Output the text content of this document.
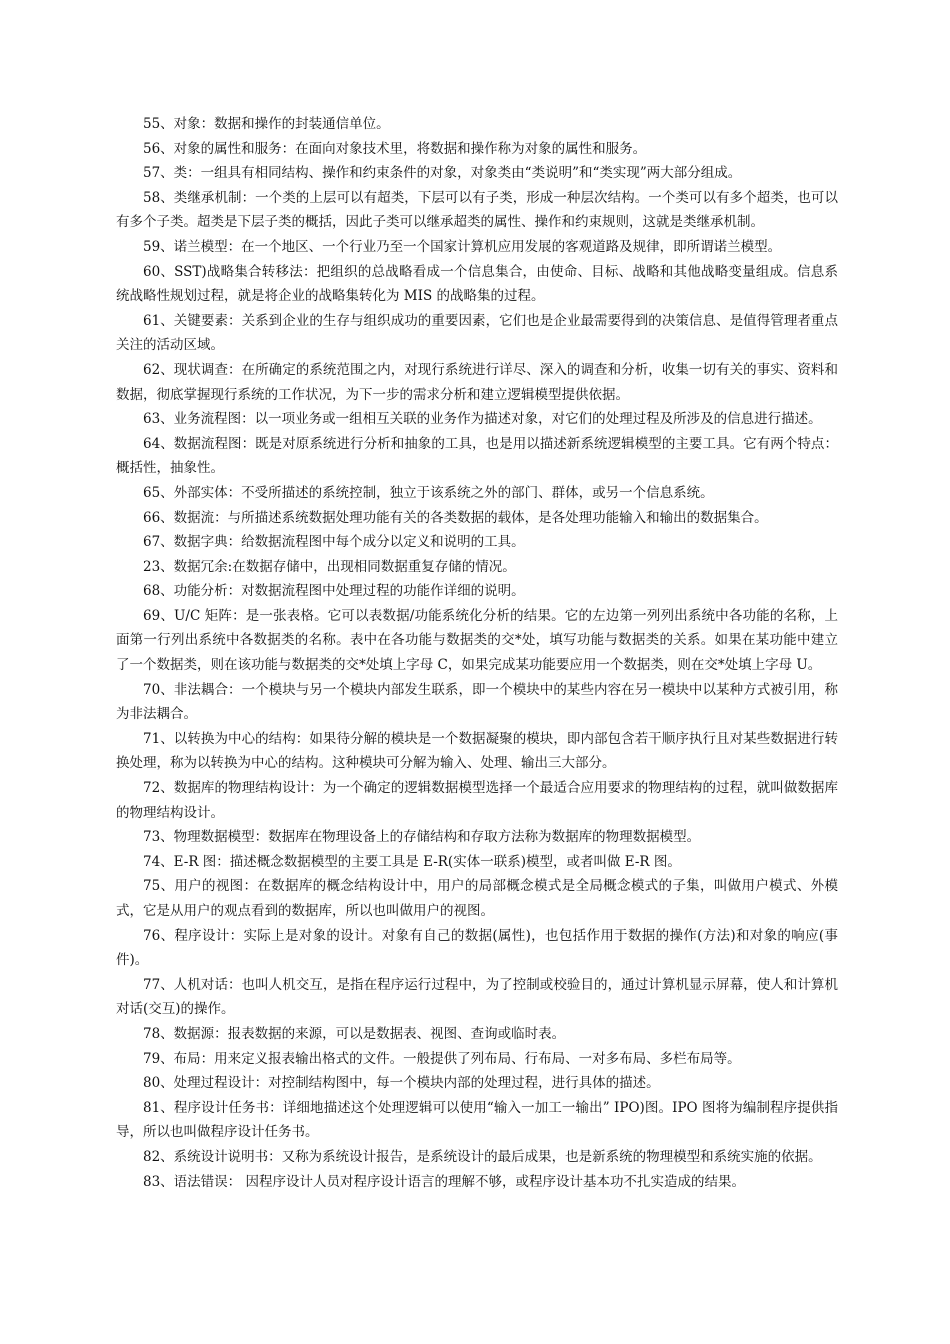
55、对象：数据和操作的封装通信单位。

56、对象的属性和服务：在面向对象技术里，将数据和操作称为对象的属性和服务。

57、类：一组具有相同结构、操作和约束条件的对象，对象类由“类说明”和“类实现”两大部分组成。

58、类继承机制：一个类的上层可以有超类，下层可以有子类，形成一种层次结构。一个类可以有多个超类，也可以有多个子类。超类是下层子类的概括，因此子类可以继承超类的属性、操作和约束规则，这就是类继承机制。

59、诺兰模型：在一个地区、一个行业乃至一个国家计算机应用发展的客观道路及规律，即所谓诺兰模型。

60、SST)战略集合转移法：把组织的总战略看成一个信息集合，由使命、目标、战略和其他战略变量组成。信息系统战略性规划过程，就是将企业的战略集转化为 MIS 的战略集的过程。

61、关键要素：关系到企业的生存与组织成功的重要因素，它们也是企业最需要得到的决策信息、是值得管理者重点关注的活动区域。

62、现状调查：在所确定的系统范围之内，对现行系统进行详尽、深入的调查和分析，收集一切有关的事实、资料和数据，彻底掌握现行系统的工作状况，为下一步的需求分析和建立逻辑模型提供依据。

63、业务流程图：以一项业务或一组相互关联的业务作为描述对象，对它们的处理过程及所涉及的信息进行描述。

64、数据流程图：既是对原系统进行分析和抽象的工具，也是用以描述新系统逻辑模型的主要工具。它有两个特点：概括性，抽象性。

65、外部实体：不受所描述的系统控制，独立于该系统之外的部门、群体，或另一个信息系统。

66、数据流：与所描述系统数据处理功能有关的各类数据的载体，是各处理功能输入和输出的数据集合。

67、数据字典：给数据流程图中每个成分以定义和说明的工具。

23、数据冗余:在数据存储中，出现相同数据重复存储的情况。

68、功能分析：对数据流程图中处理过程的功能作详细的说明。

69、U/C 矩阵：是一张表格。它可以表数据/功能系统化分析的结果。它的左边第一列列出系统中各功能的名称，上面第一行列出系统中各数据类的名称。表中在各功能与数据类的交*处，填写功能与数据类的关系。如果在某功能中建立了一个数据类，则在该功能与数据类的交*处填上字母 C，如果完成某功能要应用一个数据类，则在交*处填上字母 U。

70、非法耦合：一个模块与另一个模块内部发生联系，即一个模块中的某些内容在另一模块中以某种方式被引用，称为非法耦合。

71、以转换为中心的结构：如果待分解的模块是一个数据凝聚的模块，即内部包含若干顺序执行且对某些数据进行转换处理，称为以转换为中心的结构。这种模块可分解为输入、处理、输出三大部分。

72、数据库的物理结构设计：为一个确定的逻辑数据模型选择一个最适合应用要求的物理结构的过程，就叫做数据库的物理结构设计。

73、物理数据模型：数据库在物理设备上的存储结构和存取方法称为数据库的物理数据模型。

74、E-R 图：描述概念数据模型的主要工具是 E-R(实体一联系)模型，或者叫做 E-R 图。

75、用户的视图：在数据库的概念结构设计中，用户的局部概念模式是全局概念模式的子集，叫做用户模式、外模式，它是从用户的观点看到的数据库，所以也叫做用户的视图。

76、程序设计：实际上是对象的设计。对象有自己的数据(属性)，也包括作用于数据的操作(方法)和对象的响应(事件)。

77、人机对话：也叫人机交互，是指在程序运行过程中，为了控制或校验目的，通过计算机显示屏幕，使人和计算机对话(交互)的操作。

78、数据源：报表数据的来源，可以是数据表、视图、查询或临时表。

79、布局：用来定义报表输出格式的文件。一般提供了列布局、行布局、一对多布局、多栏布局等。

80、处理过程设计：对控制结构图中，每一个模块内部的处理过程，进行具体的描述。

81、程序设计任务书：详细地描述这个处理逻辑可以使用“输入一加工一输出” IPO)图。IPO 图将为编制程序提供指导，所以也叫做程序设计任务书。

82、系统设计说明书：又称为系统设计报告，是系统设计的最后成果，也是新系统的物理模型和系统实施的依据。

83、语法错误： 因程序设计人员对程序设计语言的理解不够，或程序设计基本功不扎实造成的结果。
